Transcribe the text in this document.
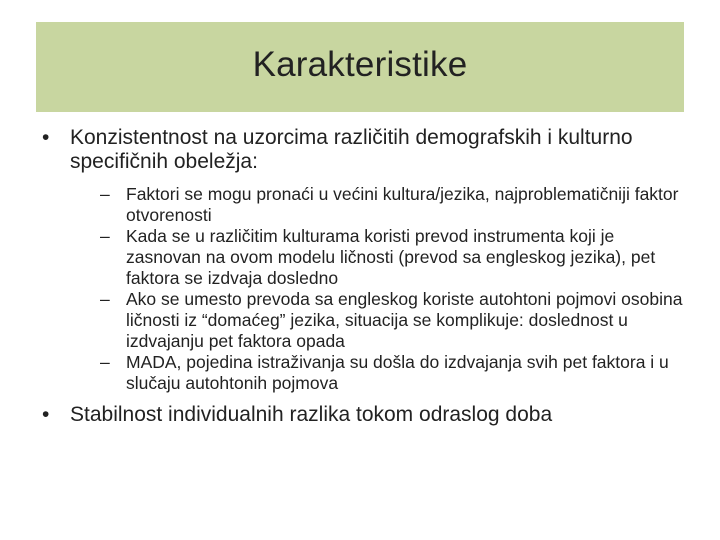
Karakteristike
• Konzistentnost na uzorcima različitih demografskih i kulturno specifičnih obeležja:
– Faktori se mogu pronaći u većini kultura/jezika, najproblematičniji faktor otvorenosti
– Kada se u različitim kulturama koristi prevod instrumenta koji je zasnovan na ovom modelu ličnosti (prevod sa engleskog jezika), pet faktora se izdvaja dosledno
– Ako se umesto prevoda sa engleskog koriste autohtoni pojmovi osobina ličnosti iz “domaćeg” jezika, situacija se komplikuje: doslednost u izdvajanju pet faktora opada
– MADA, pojedina istraživanja su došla do izdvajanja svih pet faktora i u slučaju autohtonih pojmova
• Stabilnost individualnih razlika tokom odraslog doba
